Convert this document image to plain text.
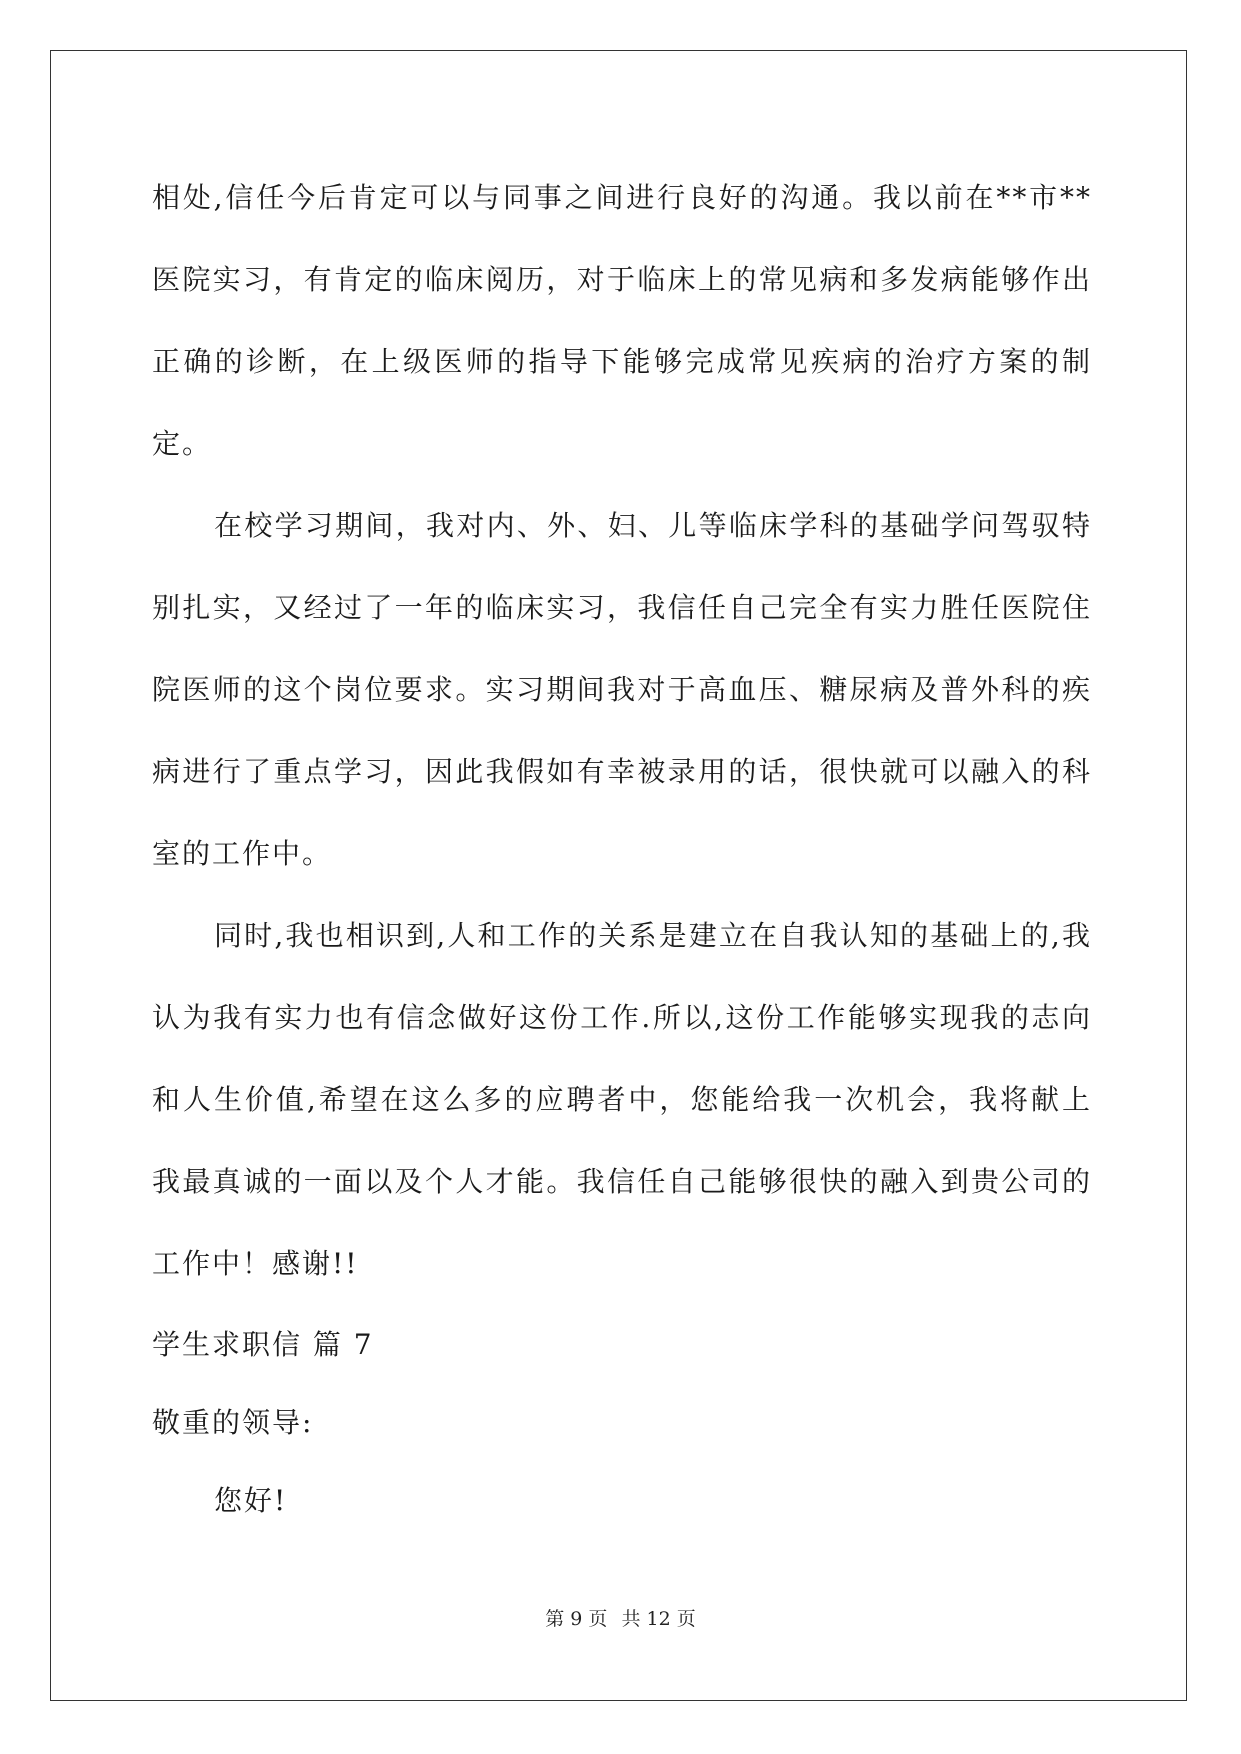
相处,信任今后肯定可以与同事之间进行良好的沟通。我以前在**市**医院实习，有肯定的临床阅历，对于临床上的常见病和多发病能够作出正确的诊断，在上级医师的指导下能够完成常见疾病的治疗方案的制定。

在校学习期间，我对内、外、妇、儿等临床学科的基础学问驾驭特别扎实，又经过了一年的临床实习，我信任自己完全有实力胜任医院住院医师的这个岗位要求。实习期间我对于高血压、糖尿病及普外科的疾病进行了重点学习，因此我假如有幸被录用的话，很快就可以融入的科室的工作中。

同时,我也相识到,人和工作的关系是建立在自我认知的基础上的,我认为我有实力也有信念做好这份工作.所以,这份工作能够实现我的志向和人生价值,希望在这么多的应聘者中，您能给我一次机会，我将献上我最真诚的一面以及个人才能。我信任自己能够很快的融入到贵公司的工作中！感谢!!

学生求职信 篇 7

敬重的领导:

您好!

第 9 页 共 12 页
